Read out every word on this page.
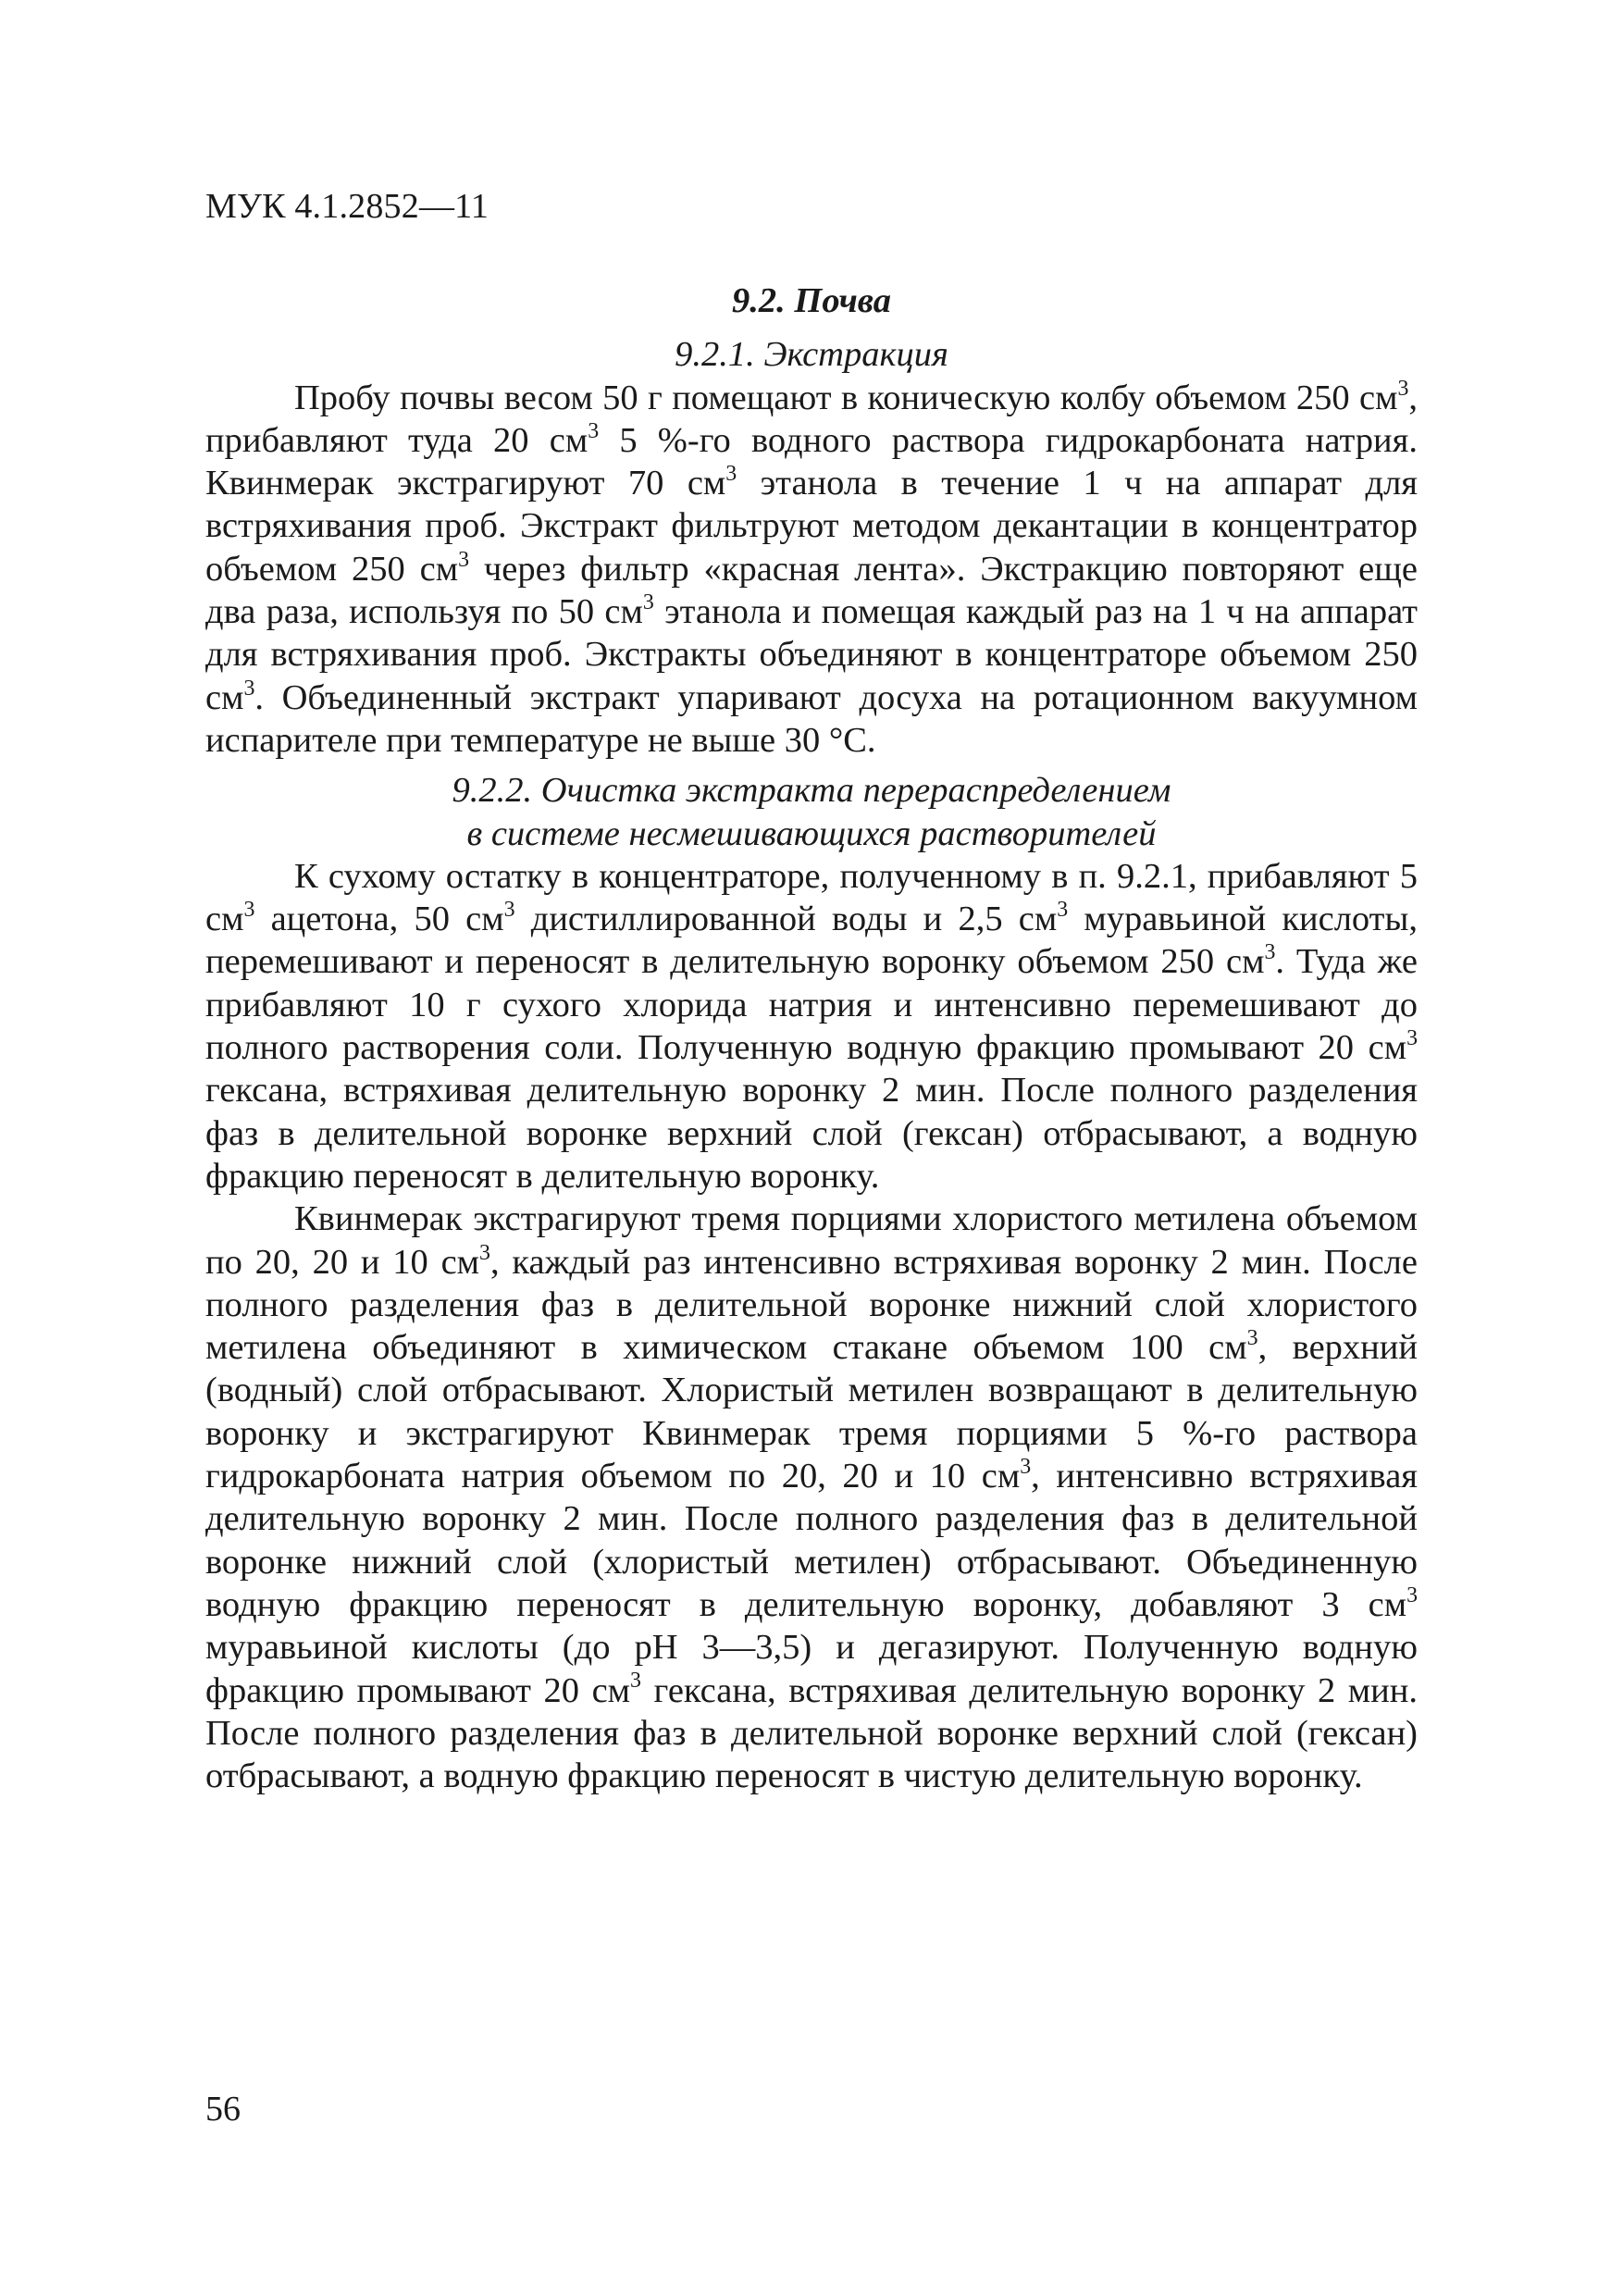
МУК 4.1.2852—11
9.2. Почва
9.2.1. Экстракция

Пробу почвы весом 50 г помещают в коническую колбу объемом 250 $см^3$, прибавляют туда 20 $см^3$ 5 %-го водного раствора гидрокарбоната натрия. Квинмерак экстрагируют 70 $см^3$ этанола в течение 1 ч на аппарат для встряхивания проб. Экстракт фильтруют методом декантации в концентратор объемом 250 $см^3$ через фильтр «красная лента». Экстракцию повторяют еще два раза, используя по 50 $см^3$ этанола и помещая каждый раз на 1 ч на аппарат для встряхивания проб. Экстракты объединяют в концентраторе объемом 250 $см^3$. Объединенный экстракт упаривают досуха на ротационном вакуумном испарителе при температуре не выше 30 °С.

9.2.2. Очистка экстракта перераспределением
в системе несмешивающихся растворителей

К сухому остатку в концентраторе, полученному в п. 9.2.1, прибавляют 5 $см^3$ ацетона, 50 $см^3$ дистиллированной воды и 2,5 $см^3$ муравьиной кислоты, перемешивают и переносят в делительную воронку объемом 250 $см^3$. Туда же прибавляют 10 г сухого хлорида натрия и интенсивно перемешивают до полного растворения соли. Полученную водную фракцию промывают 20 $см^3$ гексана, встряхивая делительную воронку 2 мин. После полного разделения фаз в делительной воронке верхний слой (гексан) отбрасывают, а водную фракцию переносят в делительную воронку.

Квинмерак экстрагируют тремя порциями хлористого метилена объемом по 20, 20 и 10 $см^3$, каждый раз интенсивно встряхивая воронку 2 мин. После полного разделения фаз в делительной воронке нижний слой хлористого метилена объединяют в химическом стакане объемом 100 $см^3$, верхний (водный) слой отбрасывают. Хлористый метилен возвращают в делительную воронку и экстрагируют Квинмерак тремя порциями 5 %-го раствора гидрокарбоната натрия объемом по 20, 20 и 10 $см^3$, интенсивно встряхивая делительную воронку 2 мин. После полного разделения фаз в делительной воронке нижний слой (хлористый метилен) отбрасывают. Объединенную водную фракцию переносят в делительную воронку, добавляют 3 $см^3$ муравьиной кислоты (до pH 3—3,5) и дегазируют. Полученную водную фракцию промывают 20 $см^3$ гексана, встряхивая делительную воронку 2 мин. После полного разделения фаз в делительной воронке верхний слой (гексан) отбрасывают, а водную фракцию переносят в чистую делительную воронку.

56
